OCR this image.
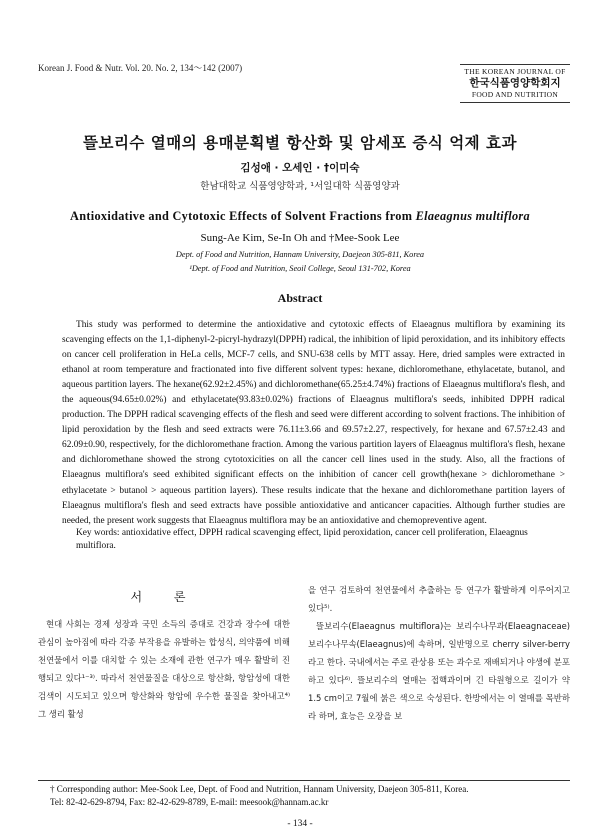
Korean J. Food & Nutr. Vol. 20. No. 2, 134～142 (2007)	THE KOREAN JOURNAL OF
한국식품영양학회지
FOOD AND NUTRITION
뜰보리수 열매의 용매분획별 항산화 및 암세포 증식 억제 효과
김성애 · 오세인 · †이미숙
한남대학교 식품영양학과, ¹서일대학 식품영양과
Antioxidative and Cytotoxic Effects of Solvent Fractions from Elaeagnus multiflora
Sung-Ae Kim, Se-In Oh and †Mee-Sook Lee
Dept. of Food and Nutrition, Hannam University, Daejeon 305-811, Korea
¹Dept. of Food and Nutrition, Seoil College, Seoul 131-702, Korea
Abstract

This study was performed to determine the antioxidative and cytotoxic effects of Elaeagnus multiflora by examining its scavenging effects on the 1,1-diphenyl-2-picryl-hydrazyl(DPPH) radical, the inhibition of lipid peroxidation, and its inhibitory effects on cancer cell proliferation in HeLa cells, MCF-7 cells, and SNU-638 cells by MTT assay. Here, dried samples were extracted in ethanol at room temperature and fractionated into five different solvent types: hexane, dichloromethane, ethylacetate, butanol, and aqueous partition layers. The hexane(62.92±2.45%) and dichloromethane(65.25±4.74%) fractions of Elaeagnus multiflora's flesh, and the aqueous(94.65±0.02%) and ethylacetate(93.83±0.02%) fractions of Elaeagnus multiflora's seeds, inhibited DPPH radical production. The DPPH radical scavenging effects of the flesh and seed were different according to solvent fractions. The inhibition of lipid peroxidation by the flesh and seed extracts were 76.11±3.66 and 69.57±2.27, respectively, for hexane and 67.57±2.43 and 62.09±0.90, respectively, for the dichloromethane fraction. Among the various partition layers of Elaeagnus multiflora's flesh, hexane and dichloromethane showed the strong cytotoxicities on all the cancer cell lines used in the study. Also, all the fractions of Elaeagnus multiflora's seed exhibited significant effects on the inhibition of cancer cell growth(hexane > dichloromethane > ethylacetate > butanol > aqueous partition layers). These results indicate that the hexane and dichloromethane partition layers of Elaeagnus multiflora's flesh and seed extracts have possible antioxidative and anticancer capacities. Although further studies are needed, the present work suggests that Elaeagnus multiflora may be an antioxidative and chemopreventive agent.

Key words: antioxidative effect, DPPH radical scavenging effect, lipid peroxidation, cancer cell proliferation, Elaeagnus multiflora.
서 론

현대 사회는 경제 성장과 국민 소득의 증대로 건강과 장수에 대한 관심이 높아짐에 따라 각종 부작용을 유발하는 합성식, 의약품에 비해 천연물에서 이를 대치할 수 있는 소재에 관한 연구가 매우 활발히 진행되고 있다¹⁻³⁾. 따라서 천연물질을 대상으로 항산화, 항암성에 대한 검색이 시도되고 있으며 항산화와 항암에 우수한 물질을 찾아내고⁴⁾ 그 생리 활성

을 연구 검토하여 천연물에서 추출하는 등 연구가 활발하게 이루어지고 있다⁵⁾.

뜰보리수(Elaeagnus multiflora)는 보리수나무과(Elaeagnaceae) 보리수나무속(Elaeagnus)에 속하며, 일반명으로 cherry silver-berry라고 한다. 국내에서는 주로 관상용 또는 과수로 재배되거나 야생에 분포하고 있다⁶⁾. 뜰보리수의 열매는 접핵과이며 긴 타원형으로 길이가 약 1.5 cm이고 7월에 붉은 색으로 숙성된다. 한방에서는 이 열매를 목반하라 하며, 효능은 오장을 보

† Corresponding author: Mee-Sook Lee, Dept. of Food and Nutrition, Hannam University, Daejeon 305-811, Korea.
Tel: 82-42-629-8794, Fax: 82-42-629-8789, E-mail: meesook@hannam.ac.kr
- 134 -
